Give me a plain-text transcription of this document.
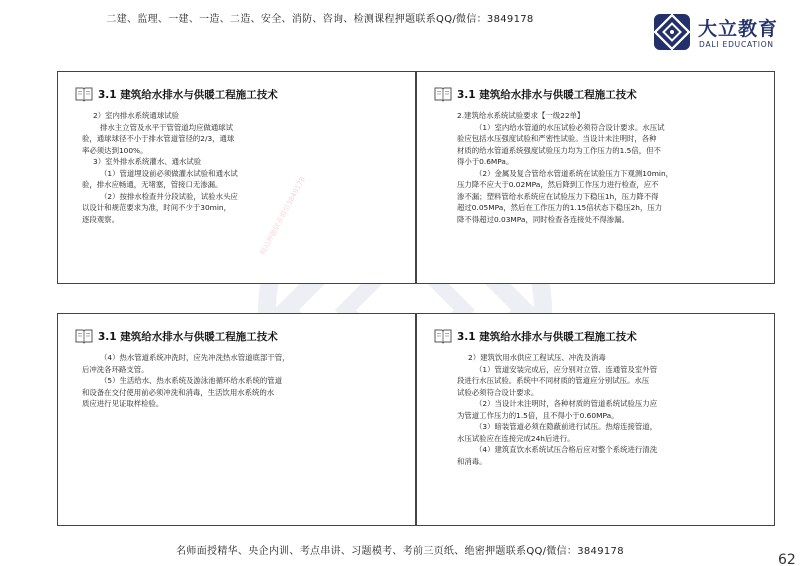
二建、监理、一建、一造、二造、安全、消防、咨询、检测课程押题联系QQ/微信：3849178	大立教育
DALI EDUCATION
3.1 建筑给水排水与供暖工程施工技术

2）室内排水系统通球试验

排水主立管及水平干管管道均应做通球试

验，通球球径不小于排水管道管径的2/3，通球

率必须达到100%。

3）室外排水系统灌水、通水试验

（1）管道埋设前必须做灌水试验和通水试

验，排水应畅通，无堵塞，管接口无渗漏。

（2）按排水检查井分段试验，试验水头应

以设计和规范要求为准，时间不少于30min，

逐段观察。	精品押题联系微信3849178
3.1 建筑给水排水与供暖工程施工技术

2.建筑给水系统试验要求【一级22单】

（1）室内给水管道的水压试验必须符合设计要求。水压试

验应包括水压强度试验和严密性试验。当设计未注明时，各种

材质的给水管道系统强度试验压力均为工作压力的1.5倍，但不

得小于0.6MPa。

（2）金属及复合管给水管道系统在试验压力下观测10min，

压力降不应大于0.02MPa，然后降到工作压力进行检查，应不

渗不漏；塑料管给水系统应在试验压力下稳压1h，压力降不得

超过0.05MPa，然后在工作压力的1.15倍状态下稳压2h，压力

降不得超过0.03MPa，同时检查各连接处不得渗漏。

3.1 建筑给水排水与供暖工程施工技术

（4）热水管道系统冲洗时，应先冲洗热水管道底部干管，

后冲洗各环路支管。

（5）生活给水、热水系统及游泳池循环给水系统的管道

和设备在交付使用前必须冲洗和消毒，生活饮用水系统的水

质应进行见证取样检验。

3.1 建筑给水排水与供暖工程施工技术

2）建筑饮用水供应工程试压、冲洗及消毒

（1）管道安装完成后，应分别对立管、连通管及室外管

段进行水压试验。系统中不同材质的管道应分别试压。水压

试验必须符合设计要求。

（2）当设计未注明时，各种材质的管道系统试验压力应

为管道工作压力的1.5倍，且不得小于0.60MPa。

（3）暗装管道必须在隐蔽前进行试压。热熔连接管道，

水压试验应在连接完成24h后进行。

（4）建筑直饮水系统试压合格后应对整个系统进行清洗

和消毒。

名师面授精华、央企内训、考点串讲、习题模考、考前三页纸、绝密押题联系QQ/微信：3849178
62
